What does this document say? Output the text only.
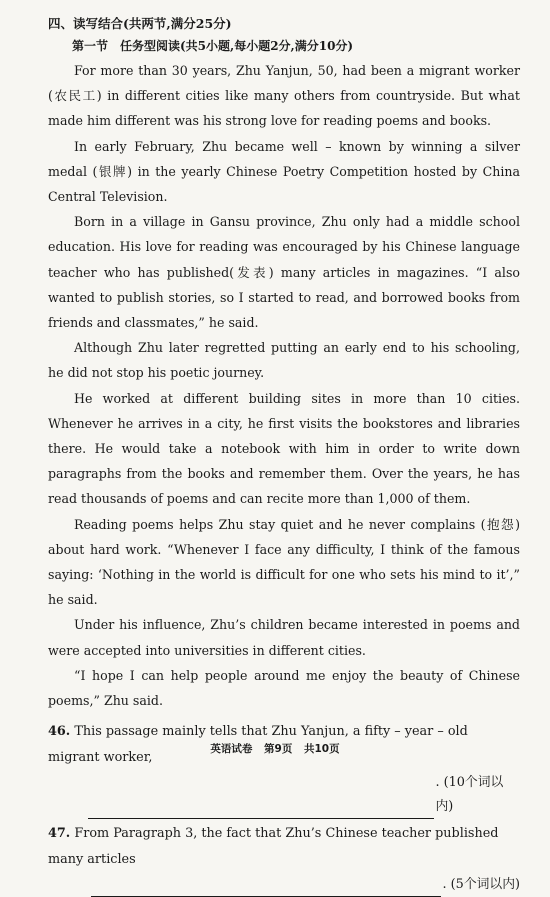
四、读写结合(共两节,满分25分)
第一节　任务型阅读(共5小题,每小题2分,满分10分)

For more than 30 years, Zhu Yanjun, 50, had been a migrant worker (农民工) in different cities like many others from countryside. But what made him different was his strong love for reading poems and books.

In early February, Zhu became well – known by winning a silver medal (银牌) in the yearly Chinese Poetry Competition hosted by China Central Television.

Born in a village in Gansu province, Zhu only had a middle school education. His love for reading was encouraged by his Chinese language teacher who has published(发表) many articles in magazines. “I also wanted to publish stories, so I started to read, and borrowed books from friends and classmates,” he said.

Although Zhu later regretted putting an early end to his schooling, he did not stop his poetic journey.

He worked at different building sites in more than 10 cities. Whenever he arrives in a city, he first visits the bookstores and libraries there. He would take a notebook with him in order to write down paragraphs from the books and remember them. Over the years, he has read thousands of poems and can recite more than 1,000 of them.

Reading poems helps Zhu stay quiet and he never complains (抱怨) about hard work. “Whenever I face any difficulty, I think of the famous saying: ‘Nothing in the world is difficult for one who sets his mind to it’,” he said.

Under his influence, Zhu’s children became interested in poems and were accepted into universities in different cities.

“I hope I can help people around me enjoy the beauty of Chinese poems,” Zhu said.

46. This passage mainly tells that Zhu Yanjun, a fifty – year – old migrant worker,

. (10个词以内)

47. From Paragraph 3, the fact that Zhu’s Chinese teacher published many articles

. (5个词以内)
英语试卷 第9页 共10页
